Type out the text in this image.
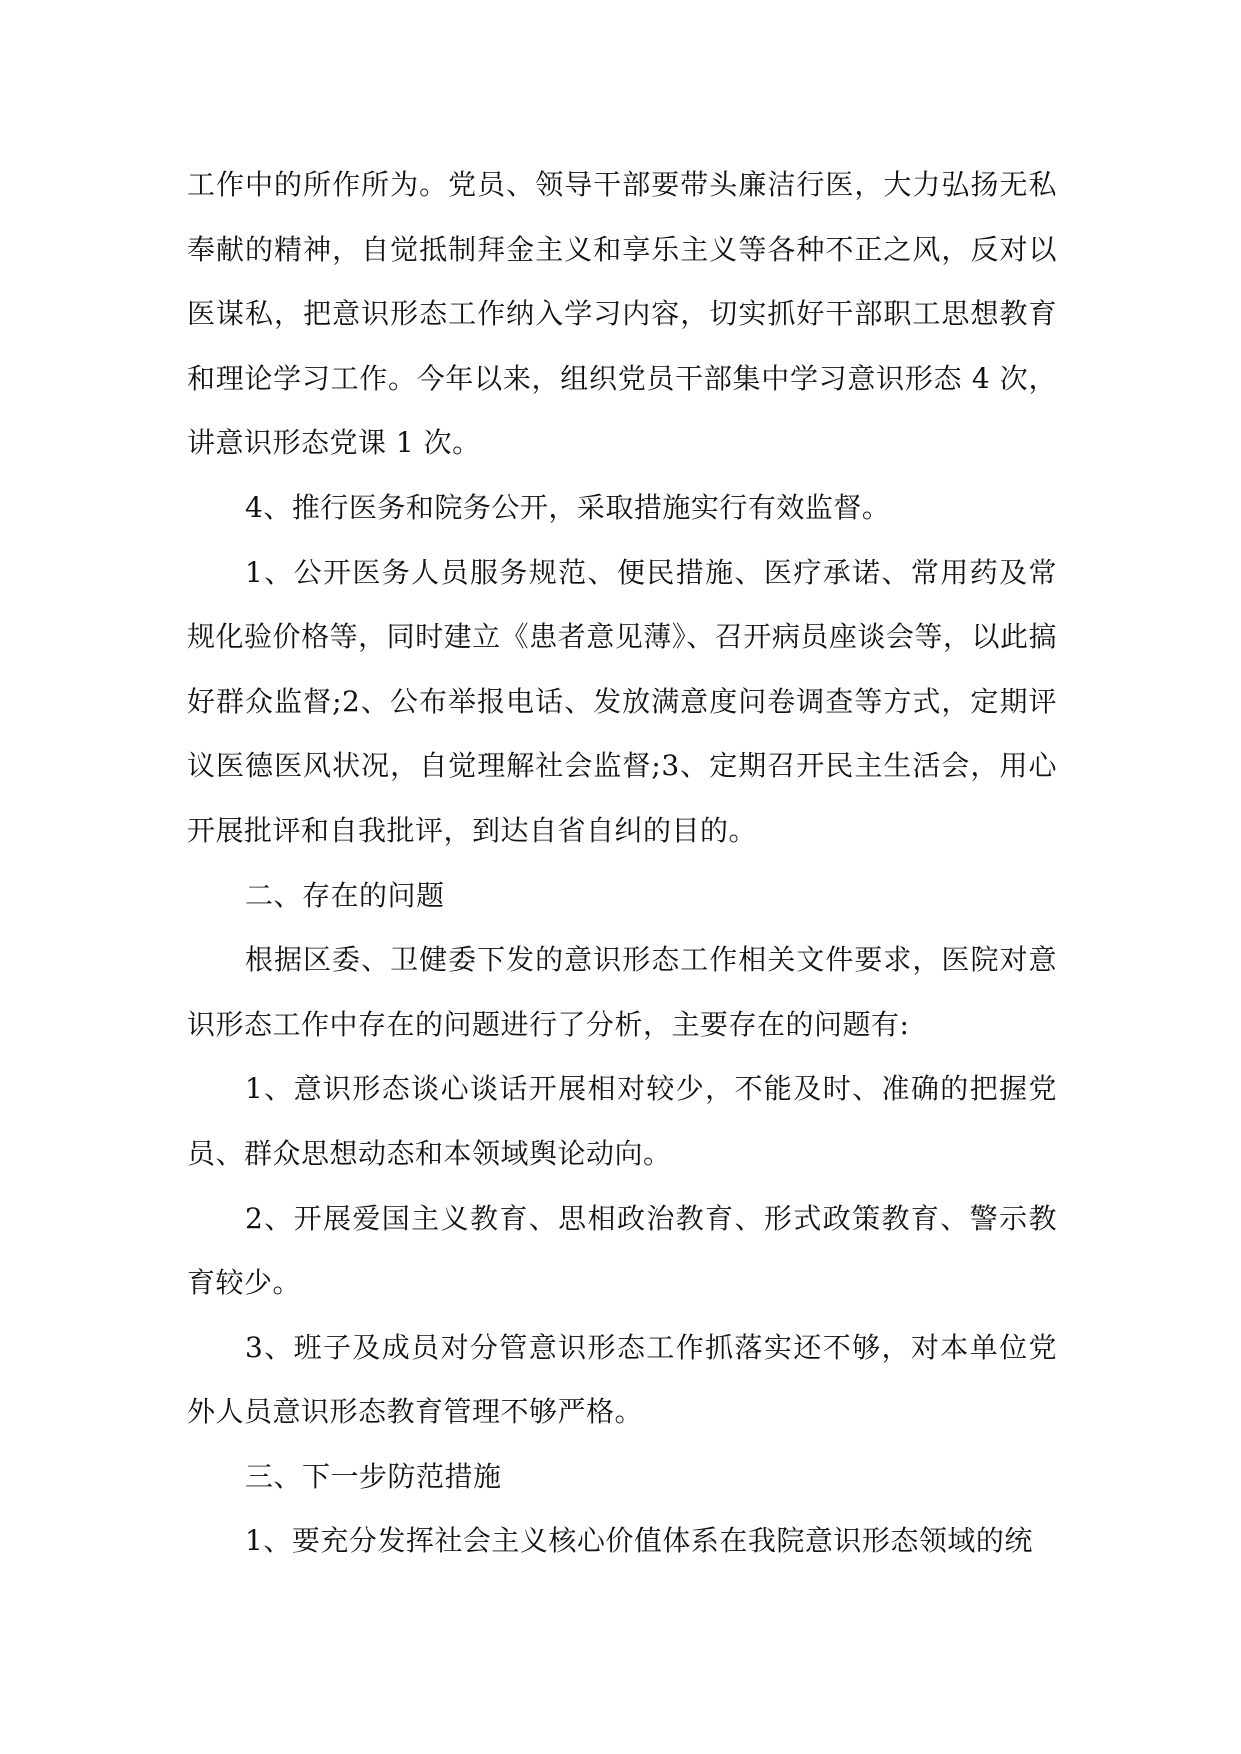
工作中的所作所为。党员、领导干部要带头廉洁行医，大力弘扬无私奉献的精神，自觉抵制拜金主义和享乐主义等各种不正之风，反对以医谋私，把意识形态工作纳入学习内容，切实抓好干部职工思想教育和理论学习工作。今年以来，组织党员干部集中学习意识形态 4 次，讲意识形态党课 1 次。

4、推行医务和院务公开，采取措施实行有效监督。

1、公开医务人员服务规范、便民措施、医疗承诺、常用药及常规化验价格等，同时建立《患者意见薄》、召开病员座谈会等，以此搞好群众监督;2、公布举报电话、发放满意度问卷调查等方式，定期评议医德医风状况，自觉理解社会监督;3、定期召开民主生活会，用心开展批评和自我批评，到达自省自纠的目的。

二、存在的问题

根据区委、卫健委下发的意识形态工作相关文件要求，医院对意识形态工作中存在的问题进行了分析，主要存在的问题有:

1、意识形态谈心谈话开展相对较少，不能及时、准确的把握党员、群众思想动态和本领域舆论动向。

2、开展爱国主义教育、思相政治教育、形式政策教育、警示教育较少。

3、班子及成员对分管意识形态工作抓落实还不够，对本单位党外人员意识形态教育管理不够严格。

三、下一步防范措施

1、要充分发挥社会主义核心价值体系在我院意识形态领域的统
